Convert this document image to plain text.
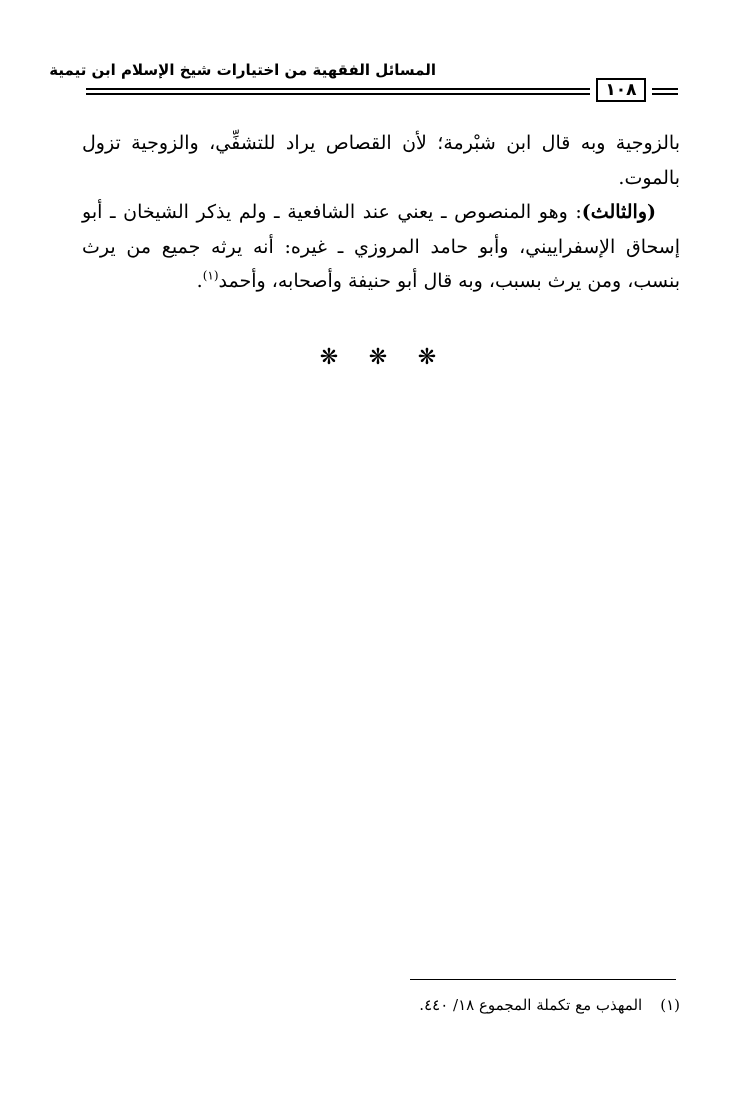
المسائل الفقهية من اختيارات شيخ الإسلام ابن تيمية
١٠٨

بالزوجية وبه قال ابن شبْرمة؛ لأن القصاص يراد للتشفِّي، والزوجية تزول بالموت.

(والثالث): وهو المنصوص ـ يعني عند الشافعية ـ ولم يذكر الشيخان ـ أبو إسحاق الإسفراييني، وأبو حامد المروزي ـ غيره: أنه يرثه جميع من يرث بنسب، ومن يرث بسبب، وبه قال أبو حنيفة وأصحابه، وأحمد$^{(١)}$.

❋ ❋ ❋
(١)المهذب مع تكملة المجموع ١٨/ ٤٤٠.
